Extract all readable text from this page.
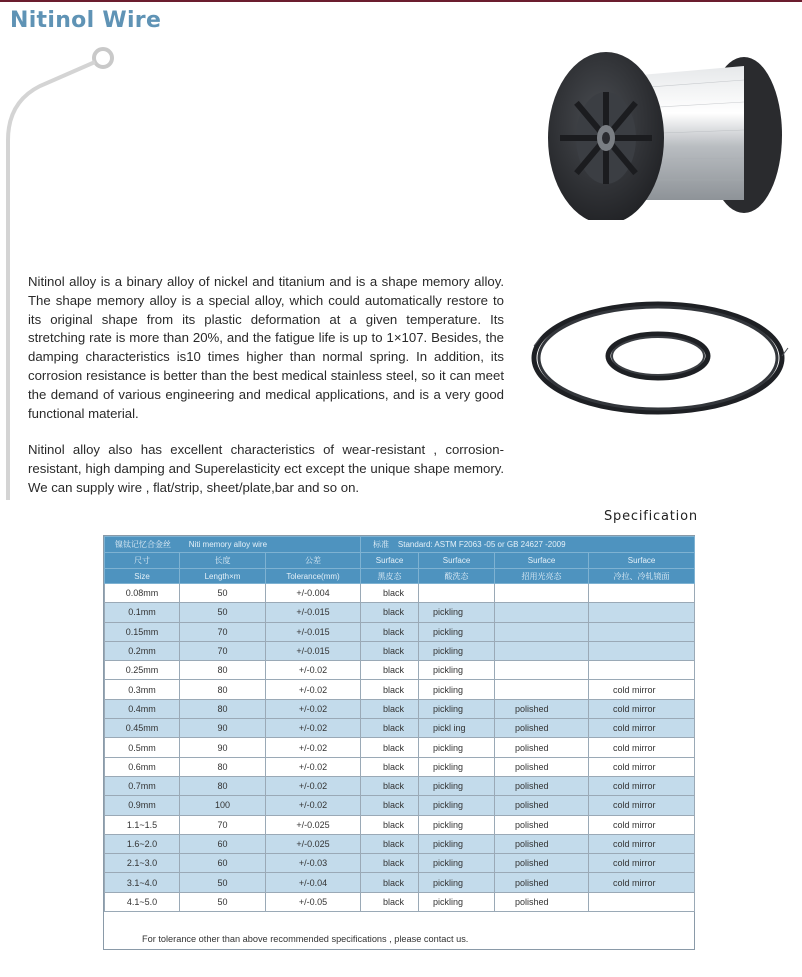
Nitinol Wire

Nitinol alloy is a binary alloy of nickel and titanium and is a shape memory alloy. The shape memory alloy is a special alloy, which could automatically restore to its original shape from its plastic deformation at a given temperature. Its stretching rate is more than 20%, and the fatigue life is up to 1×107. Besides, the damping characteristics is10 times higher than normal spring. In addition, its corrosion resistance is better than the best medical stainless steel, so it can meet the demand of various engineering and medical applications, and is a very good functional material.

Nitinol alloy also has excellent characteristics of wear-resistant , corrosion-resistant, high damping and Superelasticity ect except the unique shape memory. We can supply wire , flat/strip, sheet/plate,bar and so on.

Specification
镍钛记忆合金丝 Niti memory alloy wire			标准 Standard: ASTM F2063 -05 or GB 24627 -2009			
尺寸	长度	公差	Surface	Surface	Surface	Surface
Size	Length×m	Tolerance(mm)	黑皮态	酸洗态	招用光亮态	冷拉、冷轧镜面
0.08mm	50	+/-0.004	black			
0.1mm	50	+/-0.015	black	pickling		
0.15mm	70	+/-0.015	black	pickling		
0.2mm	70	+/-0.015	black	pickling		
0.25mm	80	+/-0.02	black	pickling		
0.3mm	80	+/-0.02	black	pickling		cold mirror
0.4mm	80	+/-0.02	black	pickling	polished	cold mirror
0.45mm	90	+/-0.02	black	pickl ing	polished	cold mirror
0.5mm	90	+/-0.02	black	pickling	polished	cold mirror
0.6mm	80	+/-0.02	black	pickling	polished	cold mirror
0.7mm	80	+/-0.02	black	pickling	polished	cold mirror
0.9mm	100	+/-0.02	black	pickling	polished	cold mirror
1.1~1.5	70	+/-0.025	black	pickling	polished	cold mirror
1.6~2.0	60	+/-0.025	black	pickling	polished	cold mirror
2.1~3.0	60	+/-0.03	black	pickling	polished	cold mirror
3.1~4.0	50	+/-0.04	black	pickling	polished	cold mirror
4.1~5.0	50	+/-0.05	black	pickling	polished	
For tolerance other than above recommended specifications , please contact us.
